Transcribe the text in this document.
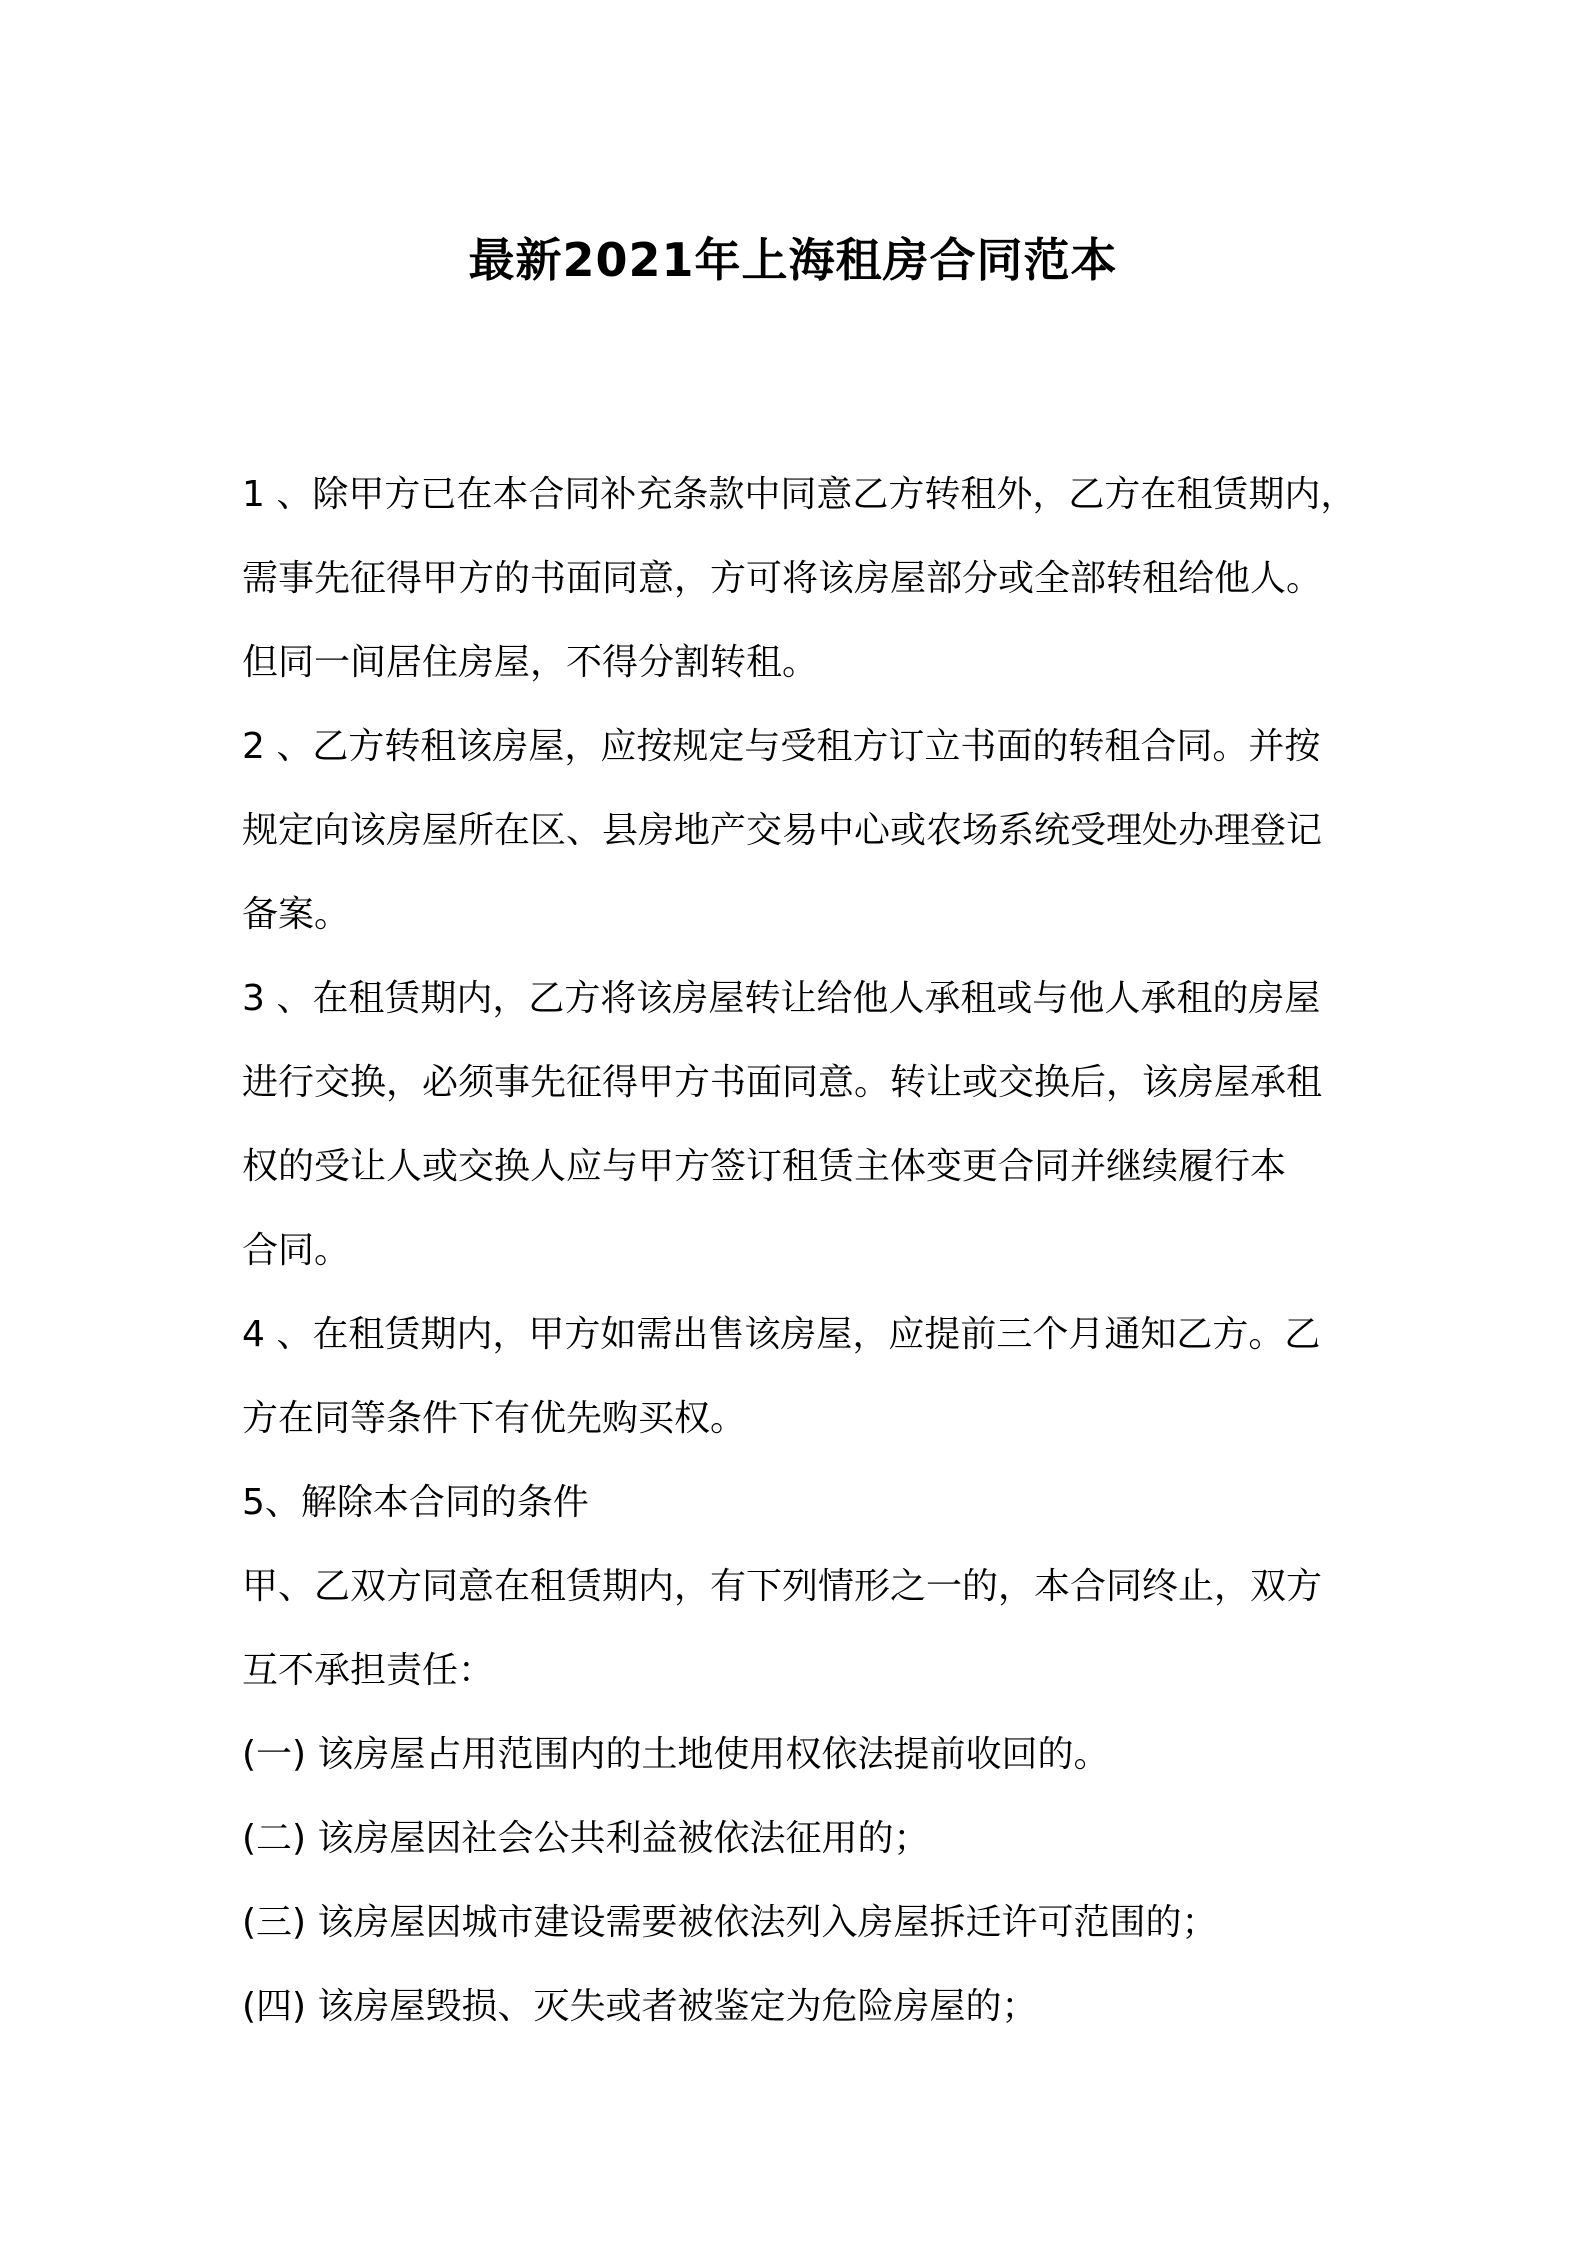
最新2021年上海租房合同范本
1 、除甲方已在本合同补充条款中同意乙方转租外，乙方在租赁期内，
需事先征得甲方的书面同意，方可将该房屋部分或全部转租给他人。
但同一间居住房屋，不得分割转租。
2 、乙方转租该房屋，应按规定与受租方订立书面的转租合同。并按
规定向该房屋所在区、县房地产交易中心或农场系统受理处办理登记
备案。
3 、在租赁期内，乙方将该房屋转让给他人承租或与他人承租的房屋
进行交换，必须事先征得甲方书面同意。转让或交换后，该房屋承租
权的受让人或交换人应与甲方签订租赁主体变更合同并继续履行本
合同。
4 、在租赁期内，甲方如需出售该房屋，应提前三个月通知乙方。乙
方在同等条件下有优先购买权。
5、解除本合同的条件
甲、乙双方同意在租赁期内，有下列情形之一的，本合同终止，双方
互不承担责任：
(一) 该房屋占用范围内的土地使用权依法提前收回的。
(二) 该房屋因社会公共利益被依法征用的；
(三) 该房屋因城市建设需要被依法列入房屋拆迁许可范围的；
(四) 该房屋毁损、灭失或者被鉴定为危险房屋的；
